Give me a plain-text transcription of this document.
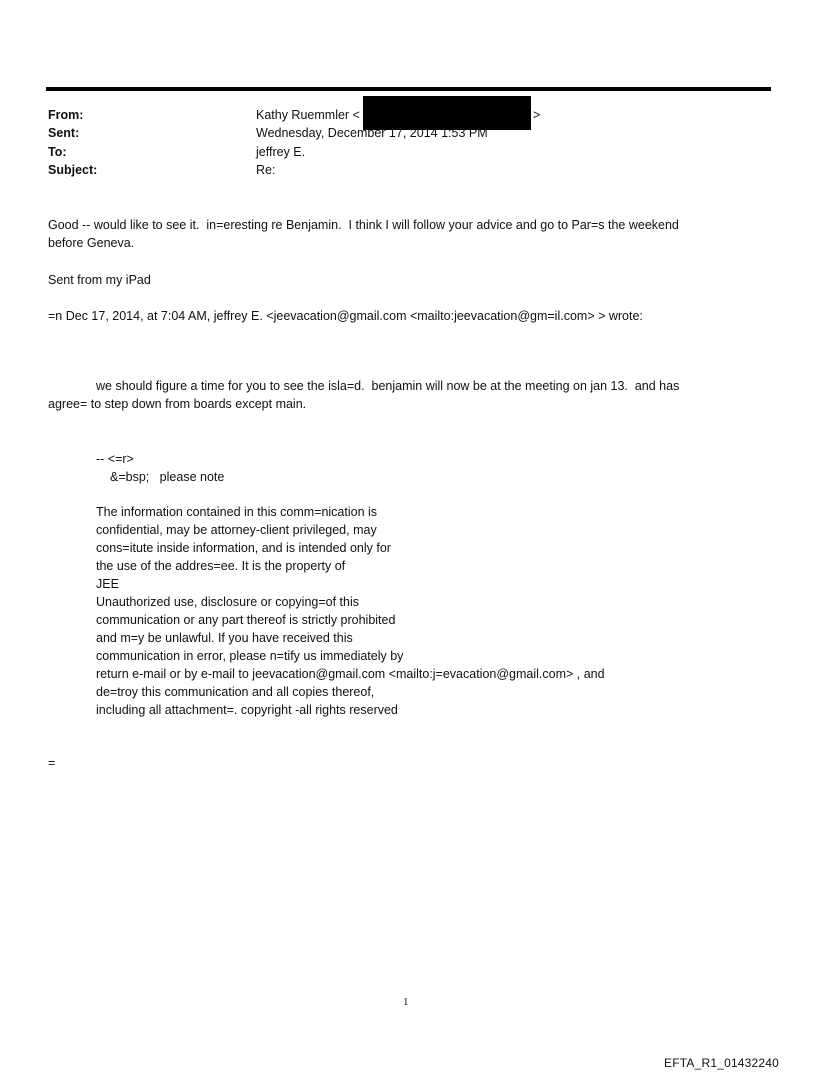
From:	Kathy Ruemmler <	>
Sent:	Wednesday, December 17, 2014 1:53 PM
To:	jeffrey E.
Subject:	Re:
Good -- would like to see it.  in=eresting re Benjamin.  I think I will follow your advice and go to Par=s the weekend
before Geneva.
Sent from my iPad
=n Dec 17, 2014, at 7:04 AM, jeffrey E. <jeevacation@gmail.com <mailto:jeevacation@gm=il.com> > wrote:
we should figure a time for you to see the isla=d.  benjamin will now be at the meeting on jan 13.  and has
agree= to step down from boards except main.
-- <=r>
&=bsp;   please note
The information contained in this comm=nication is
confidential, may be attorney-client privileged, may
cons=itute inside information, and is intended only for
the use of the addres=ee. It is the property of
JEE
Unauthorized use, disclosure or copying=of this
communication or any part thereof is strictly prohibited
and m=y be unlawful. If you have received this
communication in error, please n=tify us immediately by
return e-mail or by e-mail to jeevacation@gmail.com <mailto:j=evacation@gmail.com> , and
de=troy this communication and all copies thereof,
including all attachment=. copyright -all rights reserved
=
1
EFTA_R1_01432240
